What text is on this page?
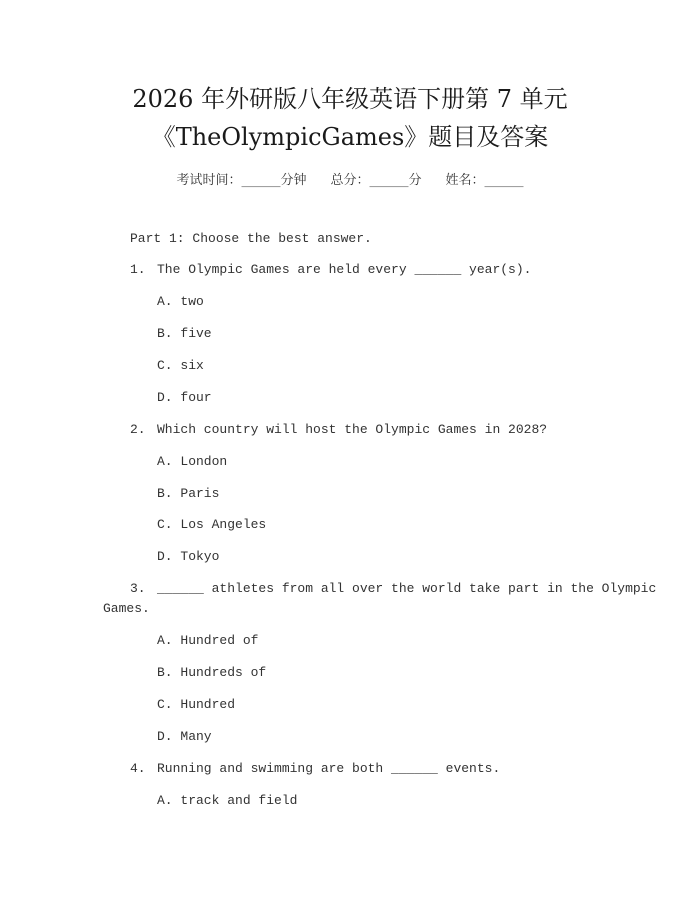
2026 年外研版八年级英语下册第 7 单元
《TheOlympicGames》题目及答案
考试时间：______分钟 总分：______分 姓名：______
Part 1: Choose the best answer.
1. The Olympic Games are held every ______ year(s).
A. two
B. five
C. six
D. four
2. Which country will host the Olympic Games in 2028?
A. London
B. Paris
C. Los Angeles
D. Tokyo
3. ______ athletes from all over the world take part in the Olympic
Games.
A. Hundred of
B. Hundreds of
C. Hundred
D. Many
4. Running and swimming are both ______ events.
A. track and field
